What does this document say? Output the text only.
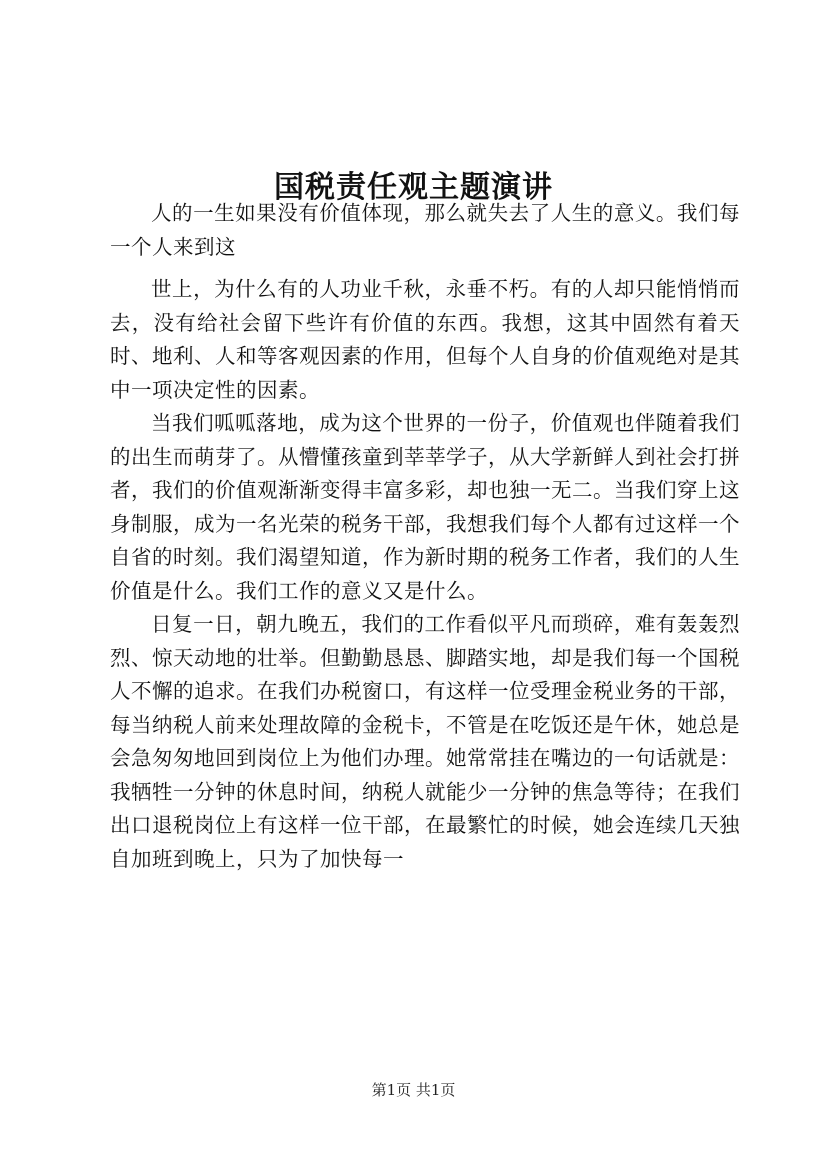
国税责任观主题演讲

人的一生如果没有价值体现，那么就失去了人生的意义。我们每一个人来到这

世上，为什么有的人功业千秋，永垂不朽。有的人却只能悄悄而去，没有给社会留下些许有价值的东西。我想，这其中固然有着天时、地利、人和等客观因素的作用，但每个人自身的价值观绝对是其中一项决定性的因素。

当我们呱呱落地，成为这个世界的一份子，价值观也伴随着我们的出生而萌芽了。从懵懂孩童到莘莘学子，从大学新鲜人到社会打拼者，我们的价值观渐渐变得丰富多彩，却也独一无二。当我们穿上这身制服，成为一名光荣的税务干部，我想我们每个人都有过这样一个自省的时刻。我们渴望知道，作为新时期的税务工作者，我们的人生价值是什么。我们工作的意义又是什么。

日复一日，朝九晚五，我们的工作看似平凡而琐碎，难有轰轰烈烈、惊天动地的壮举。但勤勤恳恳、脚踏实地，却是我们每一个国税人不懈的追求。在我们办税窗口，有这样一位受理金税业务的干部，每当纳税人前来处理故障的金税卡，不管是在吃饭还是午休，她总是会急匆匆地回到岗位上为他们办理。她常常挂在嘴边的一句话就是：我牺牲一分钟的休息时间，纳税人就能少一分钟的焦急等待；在我们出口退税岗位上有这样一位干部，在最繁忙的时候，她会连续几天独自加班到晚上，只为了加快每一

第1页 共1页
